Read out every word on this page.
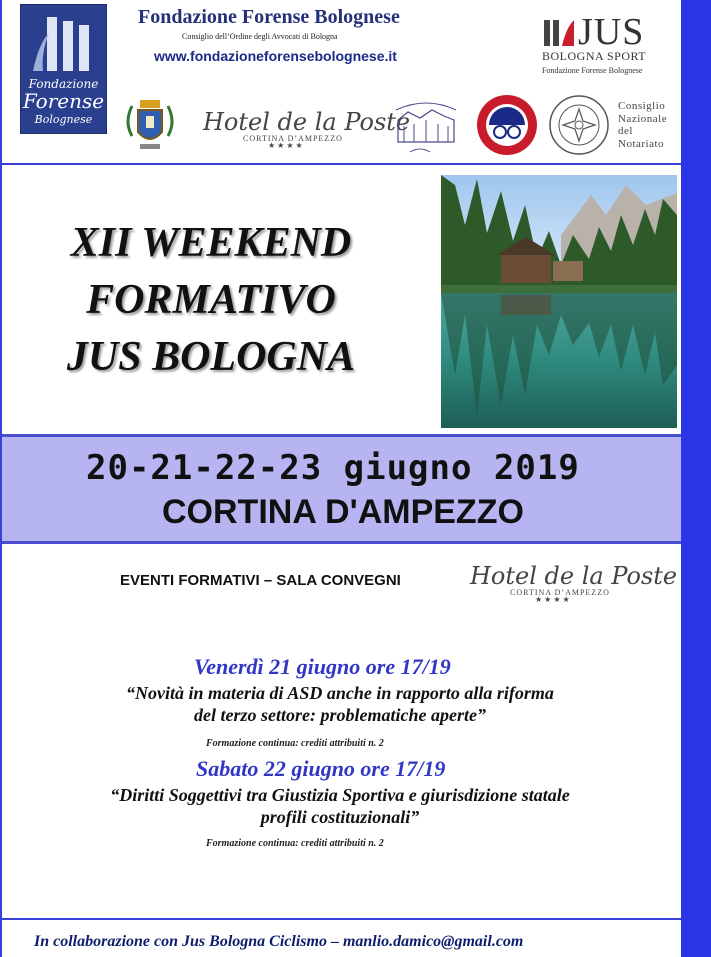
Fondazione
Forense
Bolognese
Fondazione Forense Bolognese
Consiglio dell’Ordine degli Avvocati di Bologna
www.fondazioneforensebolognese.it
JUS
BOLOGNA SPORT
Fondazione Forense Bolognese
Hotel de la Poste
CORTINA D’AMPEZZO
★ ★ ★ ★
Consiglio
Nazionale
del
Notariato
XII WEEKEND
FORMATIVO
JUS BOLOGNA
20-21-22-23 giugno 2019
CORTINA D'AMPEZZO
EVENTI FORMATIVI – SALA CONVEGNI	Hotel de la Poste
CORTINA D’AMPEZZO
★ ★ ★ ★
Venerdì 21 giugno ore 17/19
“Novità in materia di ASD anche in rapporto alla riforma
del terzo settore: problematiche aperte”
Formazione continua: crediti attribuiti n. 2
Sabato 22 giugno ore 17/19
“Diritti Soggettivi tra Giustizia Sportiva e giurisdizione statale
profili costituzionali”
Formazione continua: crediti attribuiti n. 2
In collaborazione con Jus Bologna Ciclismo – manlio.damico@gmail.com
